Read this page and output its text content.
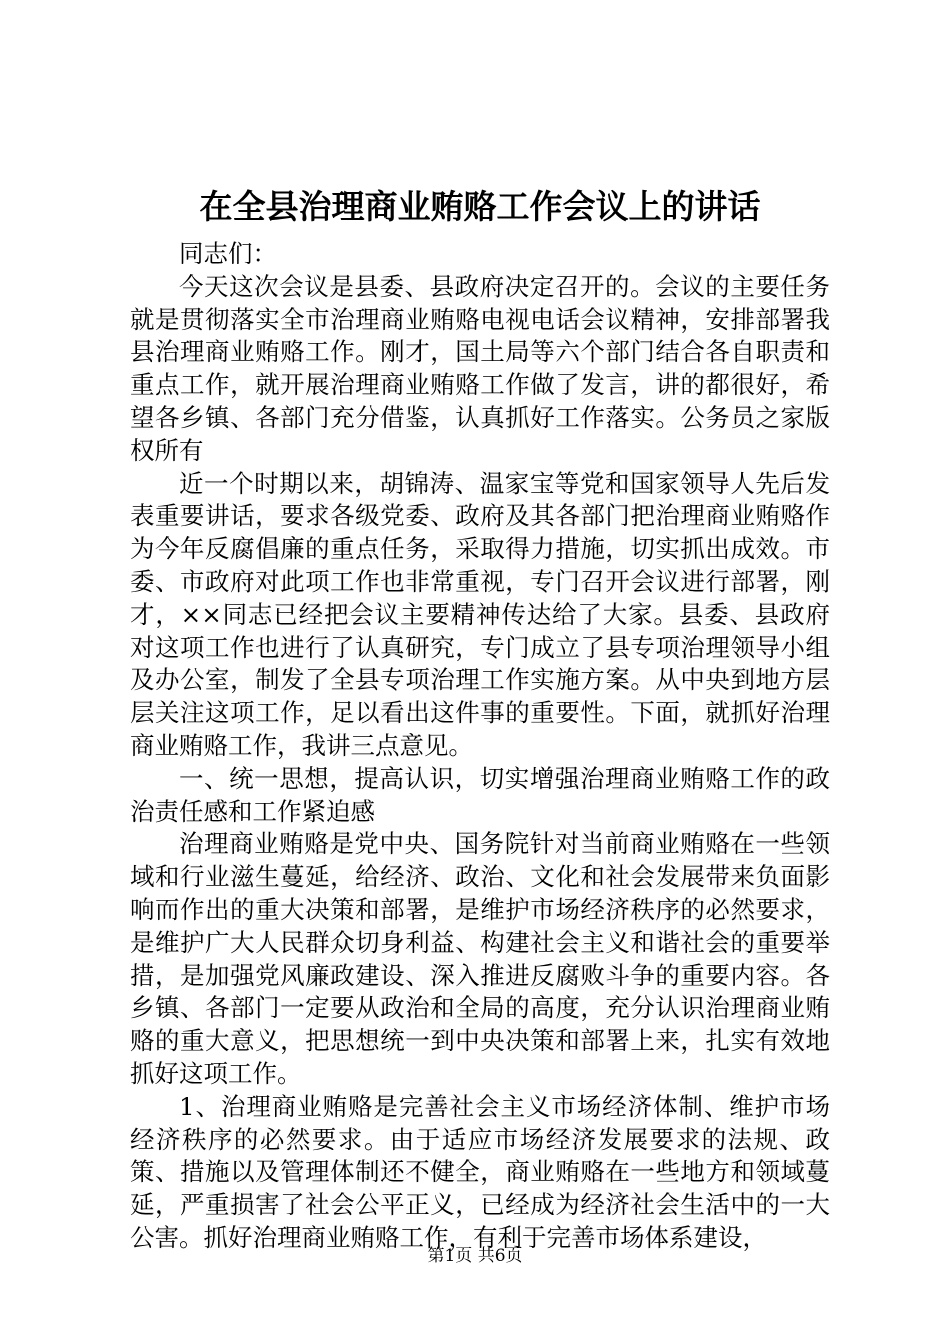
在全县治理商业贿赂工作会议上的讲话

同志们：

今天这次会议是县委、县政府决定召开的。会议的主要任务就是贯彻落实全市治理商业贿赂电视电话会议精神，安排部署我县治理商业贿赂工作。刚才，国土局等六个部门结合各自职责和重点工作，就开展治理商业贿赂工作做了发言，讲的都很好，希望各乡镇、各部门充分借鉴，认真抓好工作落实。公务员之家版权所有

近一个时期以来，胡锦涛、温家宝等党和国家领导人先后发表重要讲话，要求各级党委、政府及其各部门把治理商业贿赂作为今年反腐倡廉的重点任务，采取得力措施，切实抓出成效。市委、市政府对此项工作也非常重视，专门召开会议进行部署，刚才，××同志已经把会议主要精神传达给了大家。县委、县政府对这项工作也进行了认真研究，专门成立了县专项治理领导小组及办公室，制发了全县专项治理工作实施方案。从中央到地方层层关注这项工作，足以看出这件事的重要性。下面，就抓好治理商业贿赂工作，我讲三点意见。

一、统一思想，提高认识，切实增强治理商业贿赂工作的政治责任感和工作紧迫感

治理商业贿赂是党中央、国务院针对当前商业贿赂在一些领域和行业滋生蔓延，给经济、政治、文化和社会发展带来负面影响而作出的重大决策和部署，是维护市场经济秩序的必然要求，是维护广大人民群众切身利益、构建社会主义和谐社会的重要举措，是加强党风廉政建设、深入推进反腐败斗争的重要内容。各乡镇、各部门一定要从政治和全局的高度，充分认识治理商业贿赂的重大意义，把思想统一到中央决策和部署上来，扎实有效地抓好这项工作。

1、治理商业贿赂是完善社会主义市场经济体制、维护市场经济秩序的必然要求。由于适应市场经济发展要求的法规、政策、措施以及管理体制还不健全，商业贿赂在一些地方和领域蔓延，严重损害了社会公平正义，已经成为经济社会生活中的一大公害。抓好治理商业贿赂工作，有利于完善市场体系建设，

第1页 共6页
